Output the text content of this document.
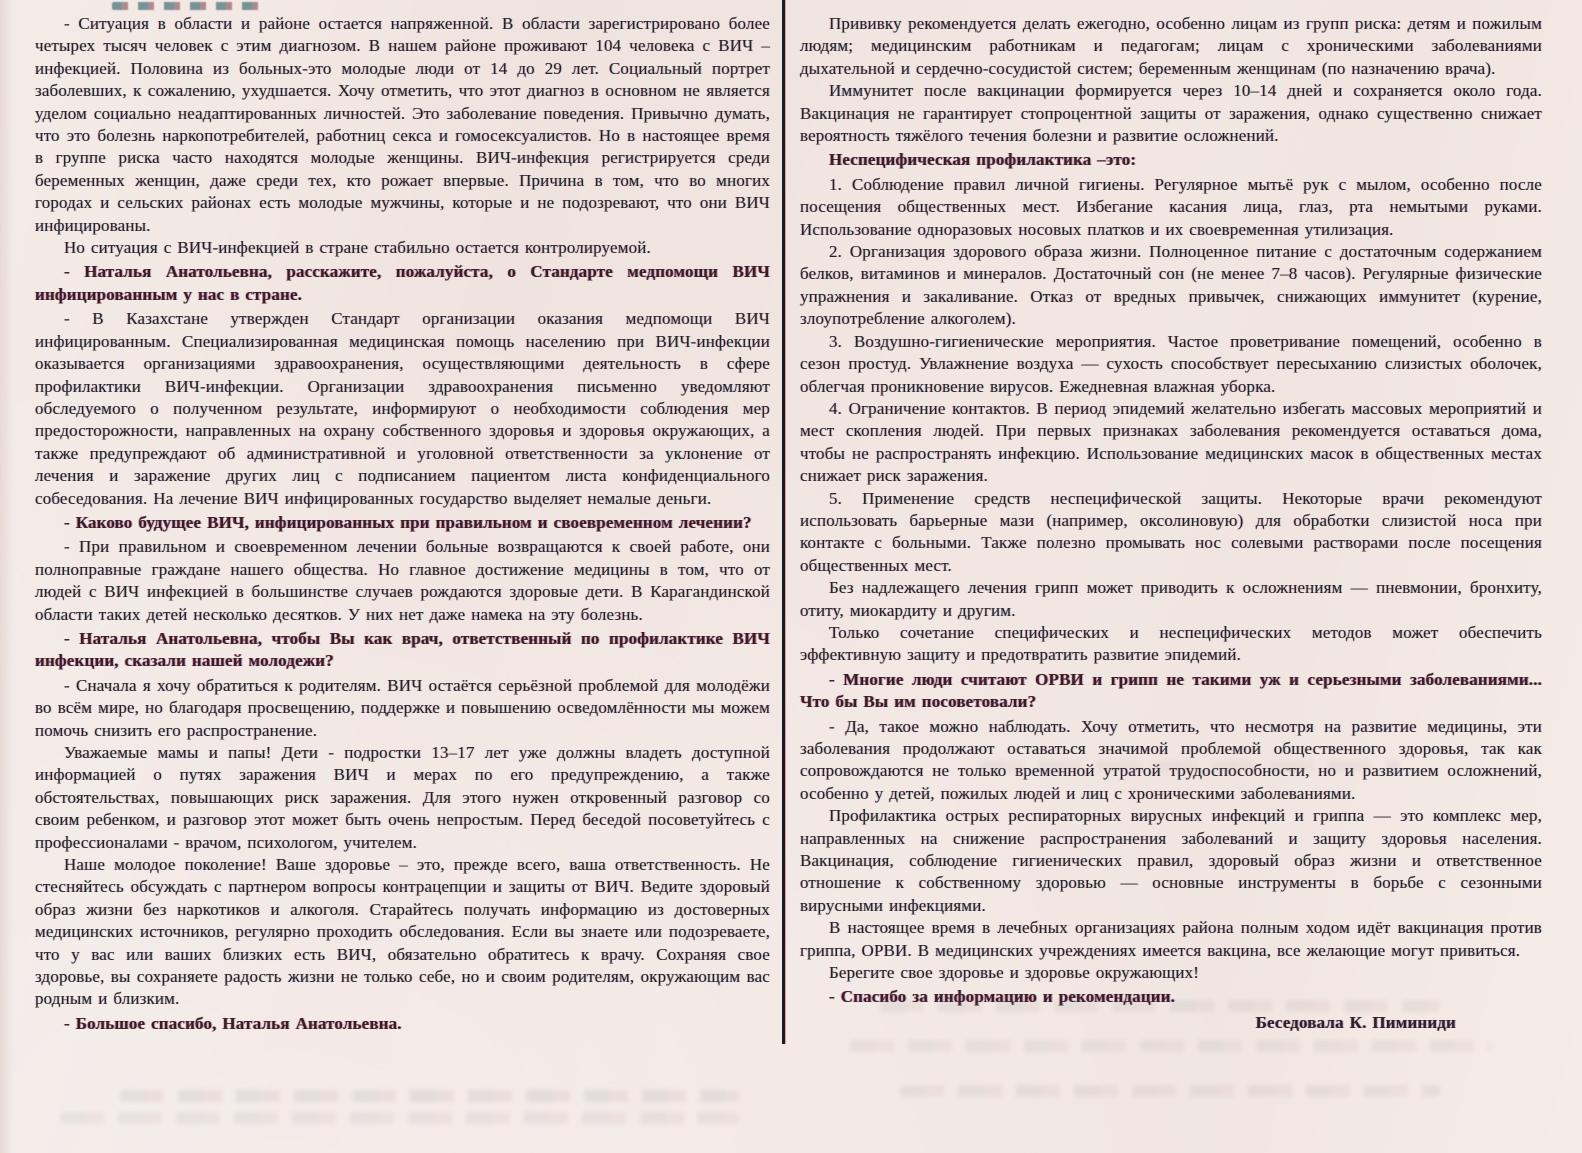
- Ситуация в области и районе остается напряженной. В области зарегистрировано более четырех тысяч человек с этим диагнозом. В нашем районе проживают 104 человека с ВИЧ –инфекцией. Половина из больных-это молодые люди от 14 до 29 лет. Социальный портрет заболевших, к сожалению, ухудшается. Хочу отметить, что этот диагноз в основном не является уделом социально неадаптированных личностей. Это заболевание поведения. Привычно думать, что это болезнь наркопотребителей, работниц секса и гомосексуалистов. Но в настоящее время в группе риска часто находятся молодые женщины. ВИЧ-инфекция регистрируется среди беременных женщин, даже среди тех, кто рожает впервые. Причина в том, что во многих городах и сельских районах есть молодые мужчины, которые и не подозревают, что они ВИЧ инфицированы.

Но ситуация с ВИЧ-инфекцией в стране стабильно остается контролируемой.

- Наталья Анатольевна, расскажите, пожалуйста, о Стандарте медпомощи ВИЧ инфицированным у нас в стране.

- В Казахстане утвержден Стандарт организации оказания медпомощи ВИЧ инфицированным. Специализированная медицинская помощь населению при ВИЧ-инфекции оказывается организациями здравоохранения, осуществляющими деятельность в сфере профилактики ВИЧ-инфекции. Организации здравоохранения письменно уведомляют обследуемого о полученном результате, информируют о необходимости соблюдения мер предосторожности, направленных на охрану собственного здоровья и здоровья окружающих, а также предупреждают об административной и уголовной ответственности за уклонение от лечения и заражение других лиц с подписанием пациентом листа конфиденциального собеседования. На лечение ВИЧ инфицированных государство выделяет немалые деньги.

- Каково будущее ВИЧ, инфицированных при правильном и своевременном лечении?

- При правильном и своевременном лечении больные возвращаются к своей работе, они полноправные граждане нашего общества. Но главное достижение медицины в том, что от людей с ВИЧ инфекцией в большинстве случаев рождаются здоровые дети. В Карагандинской области таких детей несколько десятков. У них нет даже намека на эту болезнь.

- Наталья Анатольевна, чтобы Вы как врач, ответственный по профилактике ВИЧ инфекции, сказали нашей молодежи?

- Сначала я хочу обратиться к родителям. ВИЧ остаётся серьёзной проблемой для молодёжи во всём мире, но благодаря просвещению, поддержке и повышению осведомлённости мы можем помочь снизить его распространение.

Уважаемые мамы и папы! Дети - подростки 13–17 лет уже должны владеть доступной информацией о путях заражения ВИЧ и мерах по его предупреждению, а также обстоятельствах, повышающих риск заражения. Для этого нужен откровенный разговор со своим ребенком, и разговор этот может быть очень непростым. Перед беседой посоветуйтесь с профессионалами - врачом, психологом, учителем.

Наше молодое поколение! Ваше здоровье – это, прежде всего, ваша ответственность. Не стесняйтесь обсуждать с партнером вопросы контрацепции и защиты от ВИЧ. Ведите здоровый образ жизни без наркотиков и алкоголя. Старайтесь получать информацию из достоверных медицинских источников, регулярно проходить обследования. Если вы знаете или подозреваете, что у вас или ваших близких есть ВИЧ, обязательно обратитесь к врачу. Сохраняя свое здоровье, вы сохраняете радость жизни не только себе, но и своим родителям, окружающим вас родным и близким.

- Большое спасибо, Наталья Анатольевна.

Прививку рекомендуется делать ежегодно, особенно лицам из групп риска: детям и пожилым людям; медицинским работникам и педагогам; лицам с хроническими заболеваниями дыхательной и сердечно-сосудистой систем; беременным женщинам (по назначению врача).

Иммунитет после вакцинации формируется через 10–14 дней и сохраняется около года. Вакцинация не гарантирует стопроцентной защиты от заражения, однако существенно снижает вероятность тяжёлого течения болезни и развитие осложнений.

Неспецифическая профилактика –это:

1. Соблюдение правил личной гигиены. Регулярное мытьё рук с мылом, особенно после посещения общественных мест. Избегание касания лица, глаз, рта немытыми руками. Использование одноразовых носовых платков и их своевременная утилизация.

2. Организация здорового образа жизни. Полноценное питание с достаточным содержанием белков, витаминов и минералов. Достаточный сон (не менее 7–8 часов). Регулярные физические упражнения и закаливание. Отказ от вредных привычек, снижающих иммунитет (курение, злоупотребление алкоголем).

3. Воздушно-гигиенические мероприятия. Частое проветривание помещений, особенно в сезон простуд. Увлажнение воздуха — сухость способствует пересыханию слизистых оболочек, облегчая проникновение вирусов. Ежедневная влажная уборка.

4. Ограничение контактов. В период эпидемий желательно избегать массовых мероприятий и мест скопления людей. При первых признаках заболевания рекомендуется оставаться дома, чтобы не распространять инфекцию. Использование медицинских масок в общественных местах снижает риск заражения.

5. Применение средств неспецифической защиты. Некоторые врачи рекомендуют использовать барьерные мази (например, оксолиновую) для обработки слизистой носа при контакте с больными. Также полезно промывать нос солевыми растворами после посещения общественных мест.

Без надлежащего лечения грипп может приводить к осложнениям — пневмонии, бронхиту, отиту, миокардиту и другим.

Только сочетание специфических и неспецифических методов может обеспечить эффективную защиту и предотвратить развитие эпидемий.

- Многие люди считают ОРВИ и грипп не такими уж и серьезными заболеваниями... Что бы Вы им посоветовали?

- Да, такое можно наблюдать. Хочу отметить, что несмотря на развитие медицины, эти заболевания продолжают оставаться значимой проблемой общественного здоровья, так как сопровождаются не только временной утратой трудоспособности, но и развитием осложнений, особенно у детей, пожилых людей и лиц с хроническими заболеваниями.

Профилактика острых респираторных вирусных инфекций и гриппа — это комплекс мер, направленных на снижение распространения заболеваний и защиту здоровья населения. Вакцинация, соблюдение гигиенических правил, здоровый образ жизни и ответственное отношение к собственному здоровью — основные инструменты в борьбе с сезонными вирусными инфекциями.

В настоящее время в лечебных организациях района полным ходом идёт вакцинация против гриппа, ОРВИ. В медицинских учреждениях имеется вакцина, все желающие могут привиться.

Берегите свое здоровье и здоровье окружающих!

- Спасибо за информацию и рекомендации.

Беседовала К. Пиминиди
